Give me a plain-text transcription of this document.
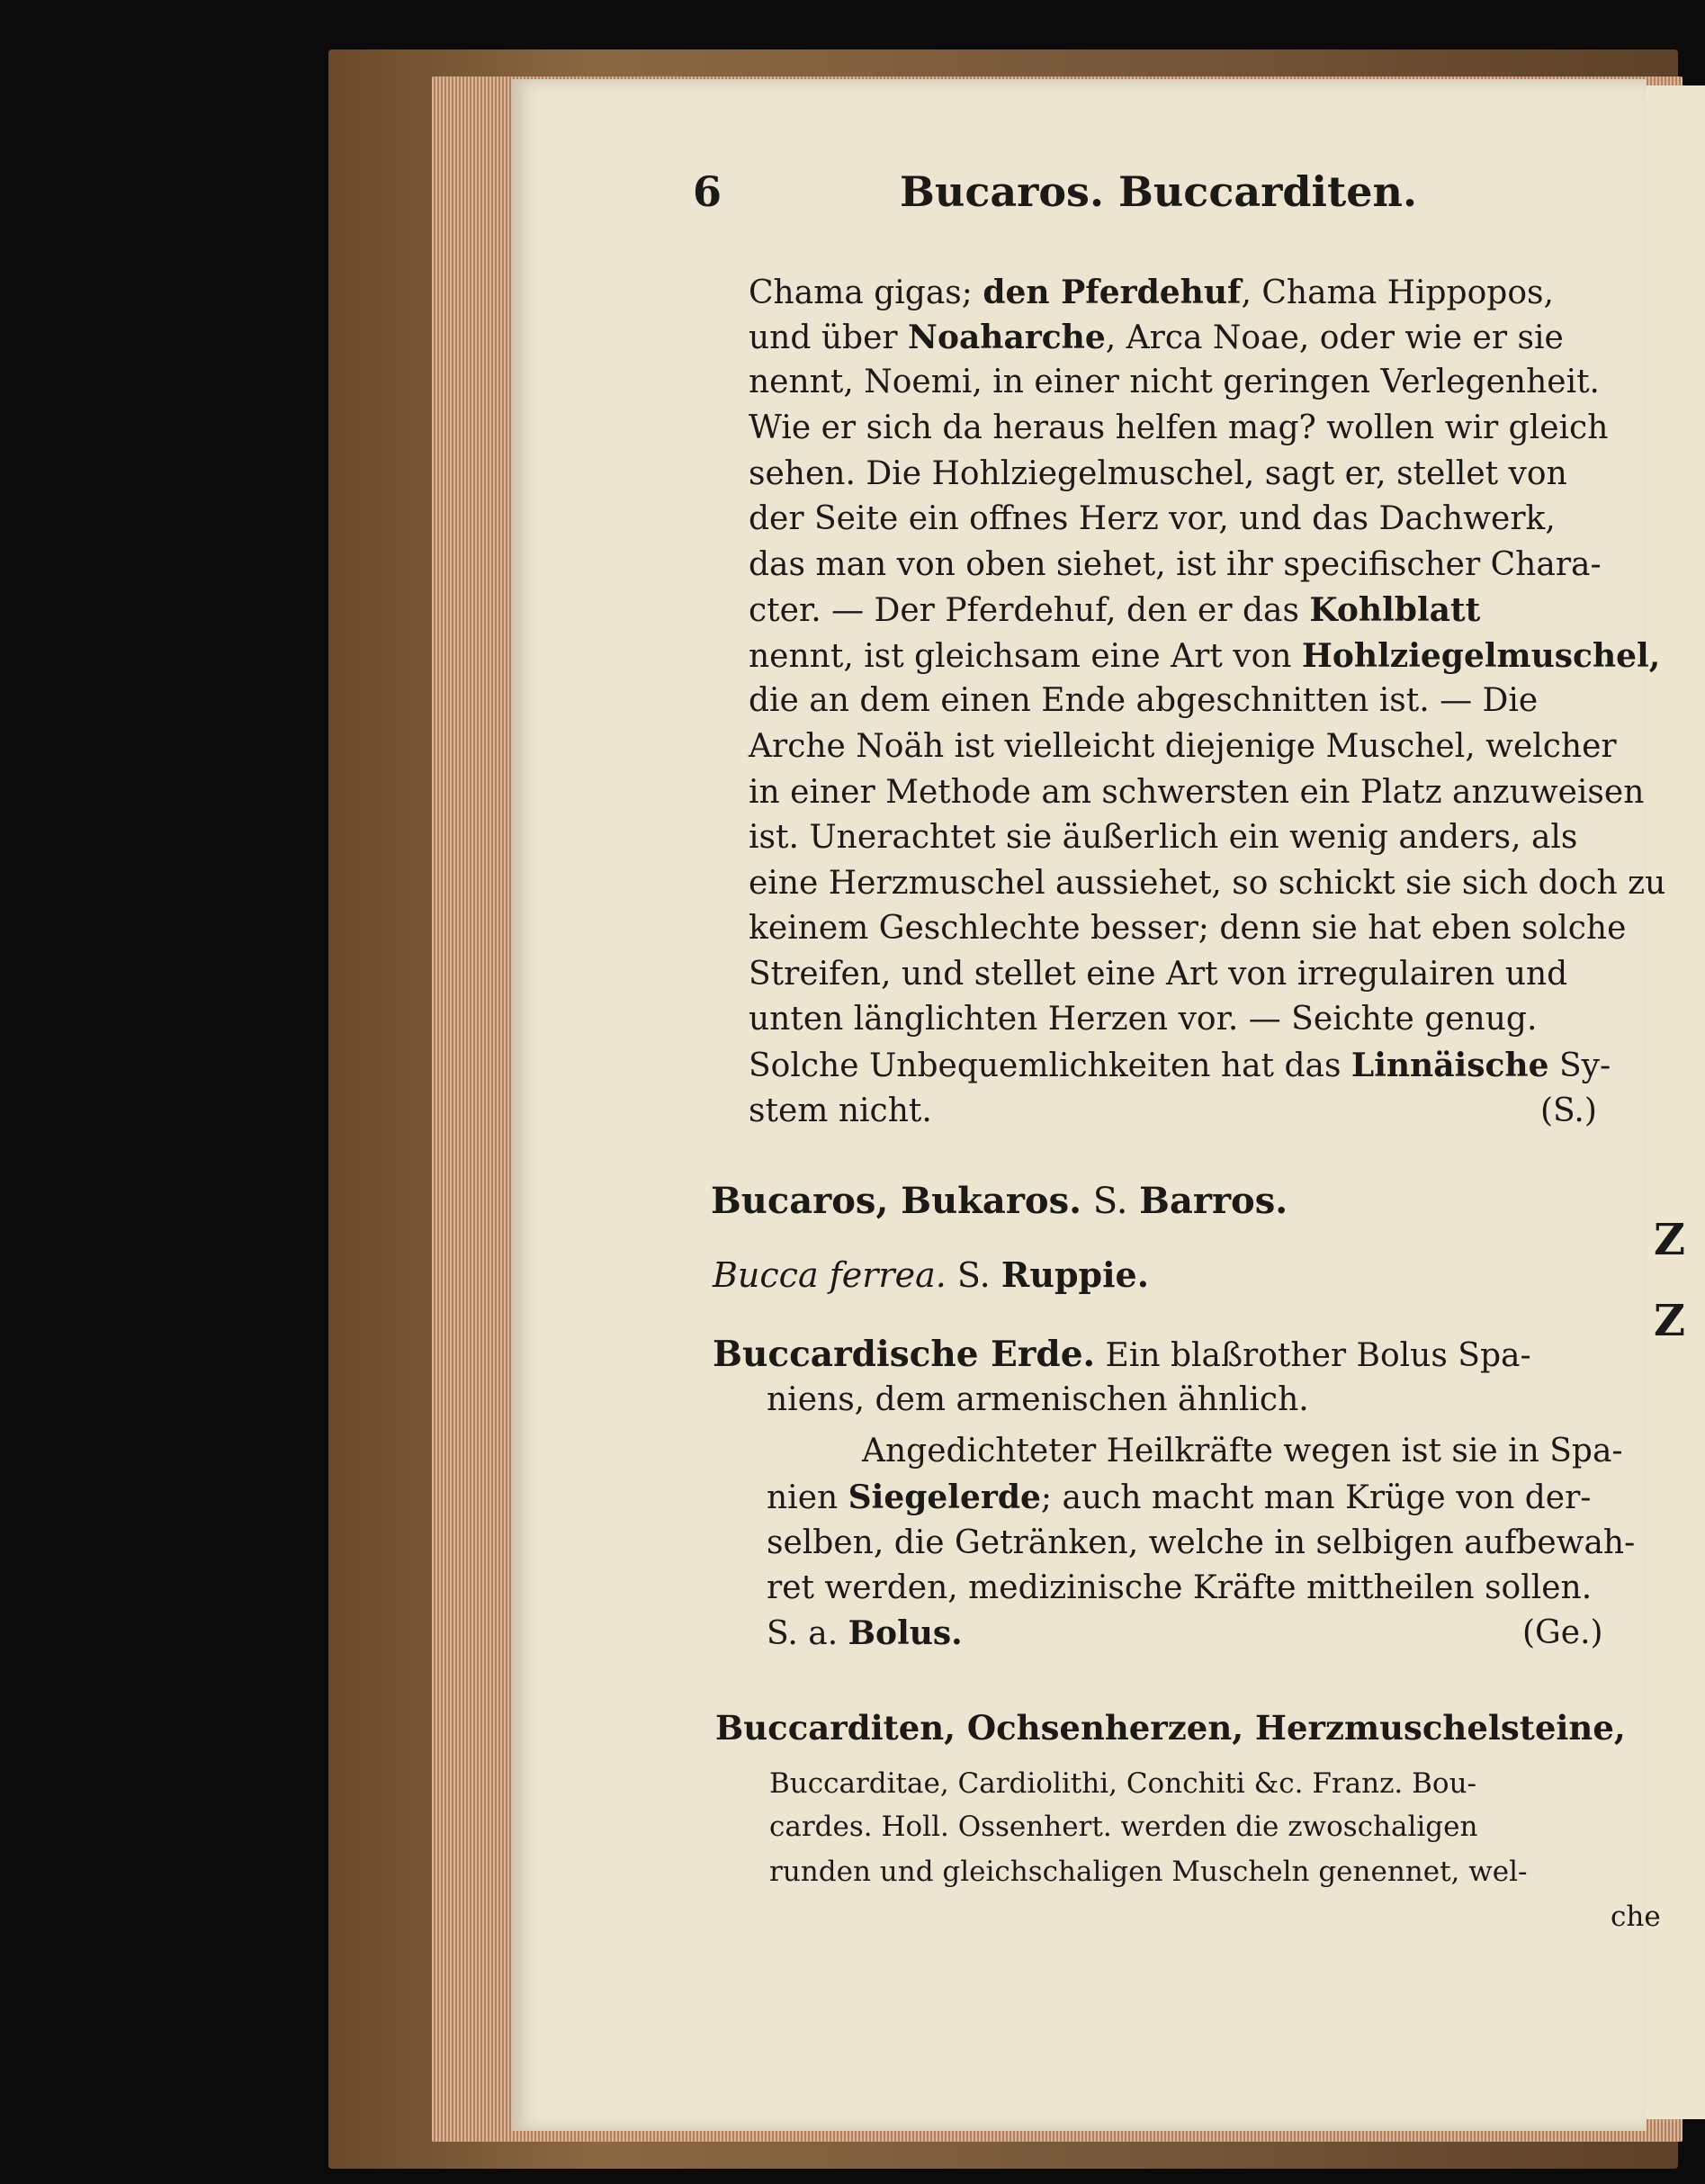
Z
Z
6	Bucaros. Buccarditen.
Chama gigas; den Pferdehuf, Chama Hippopos,
und über Noaharche, Arca Noae, oder wie er sie
nennt, Noemi, in einer nicht geringen Verlegenheit.
Wie er sich da heraus helfen mag? wollen wir gleich
sehen. Die Hohlziegelmuschel, sagt er, stellet von
der Seite ein offnes Herz vor, und das Dachwerk,
das man von oben siehet, ist ihr specifischer Chara-
cter. — Der Pferdehuf, den er das Kohlblatt
nennt, ist gleichsam eine Art von Hohlziegelmuschel,
die an dem einen Ende abgeschnitten ist. — Die
Arche Noäh ist vielleicht diejenige Muschel, welcher
in einer Methode am schwersten ein Platz anzuweisen
ist. Unerachtet sie äußerlich ein wenig anders, als
eine Herzmuschel aussiehet, so schickt sie sich doch zu
keinem Geschlechte besser; denn sie hat eben solche
Streifen, und stellet eine Art von irregulairen und
unten länglichten Herzen vor. — Seichte genug.
Solche Unbequemlichkeiten hat das Linnäische Sy-
stem nicht.	(S.)
Bucaros, Bukaros. S. Barros.
Bucca ferrea. S. Ruppie.
Buccardische Erde. Ein blaßrother Bolus Spa-
niens, dem armenischen ähnlich.
Angedichteter Heilkräfte wegen ist sie in Spa-
nien Siegelerde; auch macht man Krüge von der-
selben, die Getränken, welche in selbigen aufbewah-
ret werden, medizinische Kräfte mittheilen sollen.
S. a. Bolus.	(Ge.)
Buccarditen, Ochsenherzen, Herzmuschelsteine,
Buccarditae, Cardiolithi, Conchiti &c. Franz. Bou-
cardes. Holl. Ossenhert. werden die zwoschaligen
runden und gleichschaligen Muscheln genennet, wel-
che
